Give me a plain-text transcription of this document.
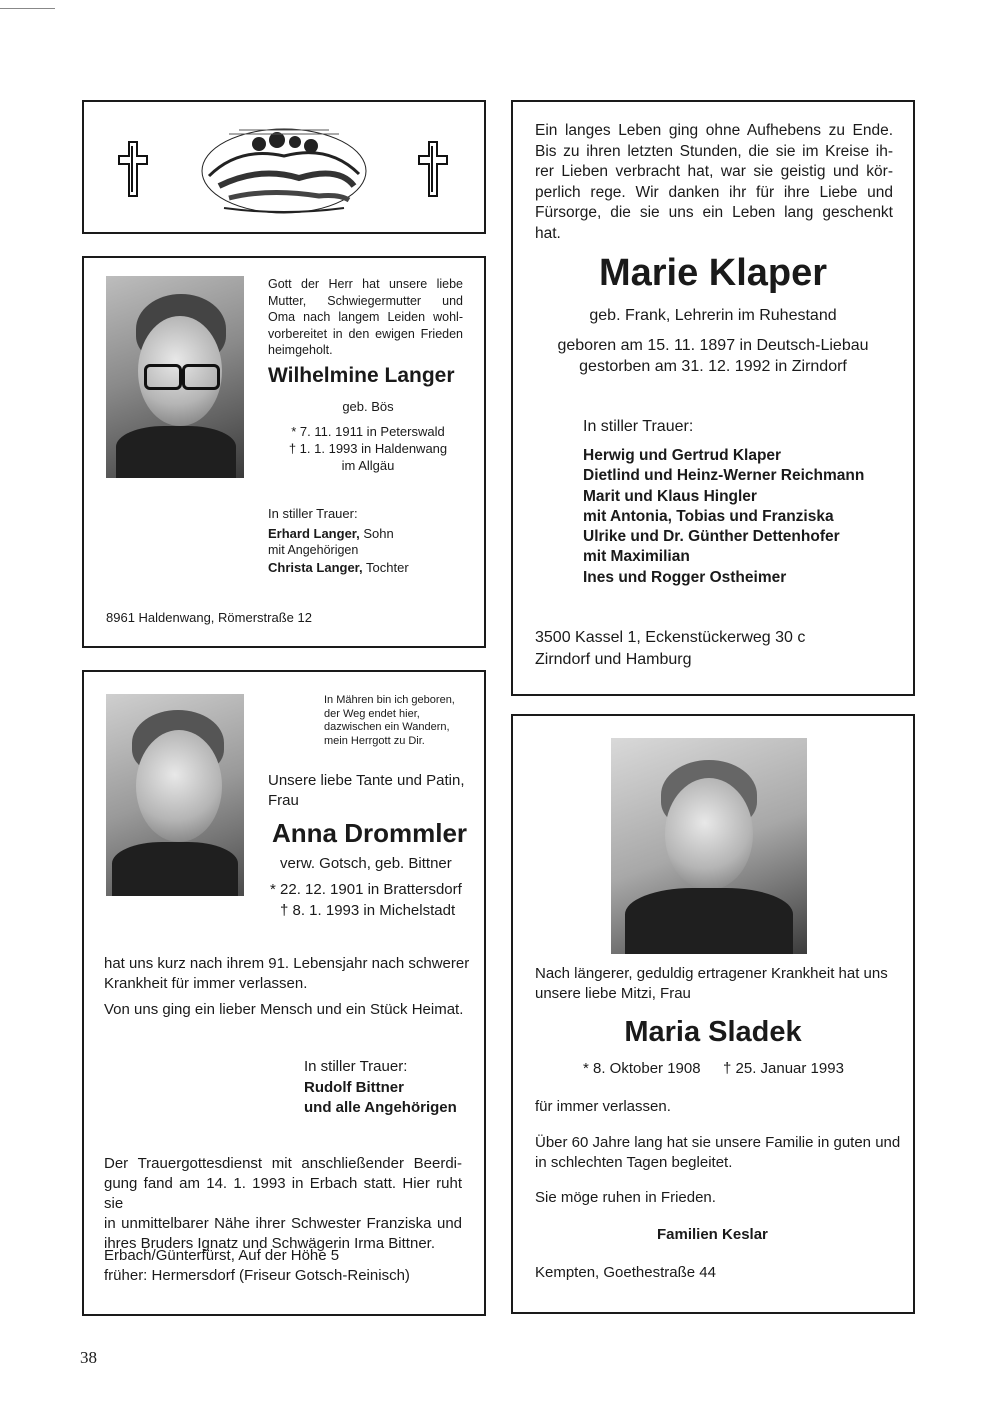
Gott der Herr hat unsere liebe

Mutter, Schwiegermutter und

Oma nach langem Leiden wohl-

vorbereitet in den ewigen Frieden

heimgeholt.

Wilhelmine Langer
geb. Bös
* 7. 11. 1911 in Peterswald
† 1. 1. 1993 in Haldenwang
im Allgäu
In stiller Trauer:
Erhard Langer, Sohn
mit Angehörigen
Christa Langer, Tochter
8961 Haldenwang, Römerstraße 12

Ein langes Leben ging ohne Aufhebens zu Ende.

Bis zu ihren letzten Stunden, die sie im Kreise ih-

rer Lieben verbracht hat, war sie geistig und kör-

perlich rege. Wir danken ihr für ihre Liebe und

Fürsorge, die sie uns ein Leben lang geschenkt

hat.

Marie Klaper
geb. Frank, Lehrerin im Ruhestand
geboren am 15. 11. 1897 in Deutsch-Liebau
gestorben am 31. 12. 1992 in Zirndorf
In stiller Trauer:

Herwig und Gertrud Klaper

Dietlind und Heinz-Werner Reichmann

Marit und Klaus Hingler

mit Antonia, Tobias und Franziska

Ulrike und Dr. Günther Dettenhofer

mit Maximilian

Ines und Rogger Ostheimer

3500 Kassel 1, Eckenstückerweg 30 c
Zirndorf und Hamburg

In Mähren bin ich geboren,

der Weg endet hier,

dazwischen ein Wandern,

mein Herrgott zu Dir.

Unsere liebe Tante und Patin,
Frau
Anna Drommler
verw. Gotsch, geb. Bittner
* 22. 12. 1901 in Brattersdorf
† 8. 1. 1993 in Michelstadt

hat uns kurz nach ihrem 91. Lebensjahr nach schwerer

Krankheit für immer verlassen.

Von uns ging ein lieber Mensch und ein Stück Heimat.
In stiller Trauer:
Rudolf Bittner
und alle Angehörigen

Der Trauergottesdienst mit anschließender Beerdi-

gung fand am 14. 1. 1993 in Erbach statt. Hier ruht sie

in unmittelbarer Nähe ihrer Schwester Franziska und

ihres Bruders Ignatz und Schwägerin Irma Bittner.

Erbach/Günterfürst, Auf der Höhe 5

früher: Hermersdorf (Friseur Gotsch-Reinisch)

Nach längerer, geduldig ertragener Krankheit hat uns

unsere liebe Mitzi, Frau

Maria Sladek
* 8. Oktober 1908 † 25. Januar 1993
für immer verlassen.

Über 60 Jahre lang hat sie unsere Familie in guten und

in schlechten Tagen begleitet.

Sie möge ruhen in Frieden.
Familien Keslar
Kempten, Goethestraße 44
38
